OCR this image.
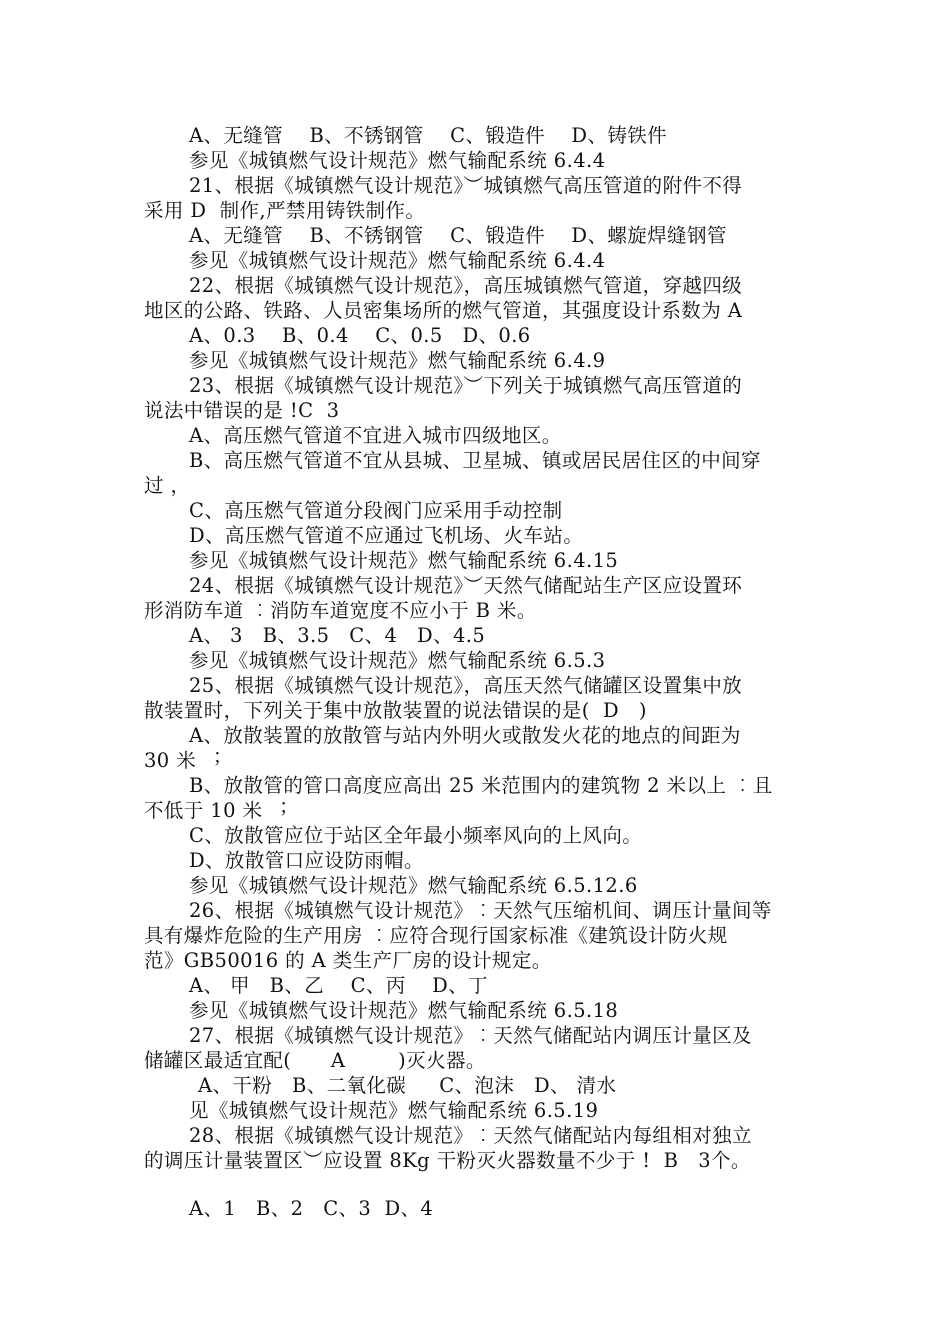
A、无缝管    B、不锈钢管    C、锻造件    D、铸铁件
参见《城镇燃气设计规范》燃气输配系统 6.4.4
21、根据《城镇燃气设计规范》︶城镇燃气高压管道的附件不得
采用 D  制作,严禁用铸铁制作。
A、无缝管    B、不锈钢管    C、锻造件    D、螺旋焊缝钢管
参见《城镇燃气设计规范》燃气输配系统 6.4.4
22、根据《城镇燃气设计规范》，高压城镇燃气管道，穿越四级
地区的公路、铁路、人员密集场所的燃气管道，其强度设计系数为 A
A、0.3    B、0.4    C、0.5   D、0.6
参见《城镇燃气设计规范》燃气输配系统 6.4.9
23、根据《城镇燃气设计规范》︶下列关于城镇燃气高压管道的
说法中错误的是 !C  3
A、高压燃气管道不宜进入城市四级地区。
B、高压燃气管道不宜从县城、卫星城、镇或居民居住区的中间穿
过 ，
C、高压燃气管道分段阀门应采用手动控制
D、高压燃气管道不应通过飞机场、火车站。
参见《城镇燃气设计规范》燃气输配系统 6.4.15
24、根据《城镇燃气设计规范》︶天然气储配站生产区应设置环
形消防车道 ︰消防车道宽度不应小于 B 米。
A、 3   B、3.5   C、4   D、4.5
参见《城镇燃气设计规范》燃气输配系统 6.5.3
25、根据《城镇燃气设计规范》，高压天然气储罐区设置集中放
散装置时，下列关于集中放散装置的说法错误的是(  D   )
A、放散装置的放散管与站内外明火或散发火花的地点的间距为
30 米 ︔
B、放散管的管口高度应高出 25 米范围内的建筑物 2 米以上 ︰且
不低于 10 米 ︔
C、放散管应位于站区全年最小频率风向的上风向。
D、放散管口应设防雨帽。
参见《城镇燃气设计规范》燃气输配系统 6.5.12.6
26、根据《城镇燃气设计规范》︰天然气压缩机间、调压计量间等
具有爆炸危险的生产用房 ︰应符合现行国家标准《建筑设计防火规
范》GB50016 的 A 类生产厂房的设计规定。
A、 甲   B、乙    C、丙    D、丁
参见《城镇燃气设计规范》燃气输配系统 6.5.18
27、根据《城镇燃气设计规范》︰天然气储配站内调压计量区及
储罐区最适宜配(      A        )灭火器。
A、干粉   B、二氧化碳     C、泡沫   D、 清水
见《城镇燃气设计规范》燃气输配系统 6.5.19
28、根据《城镇燃气设计规范》︰天然气储配站内每组相对独立
的调压计量装置区︶应设置 8Kg 干粉灭火器数量不少于 !  B   3个。
A、1   B、2   C、3  D、4
